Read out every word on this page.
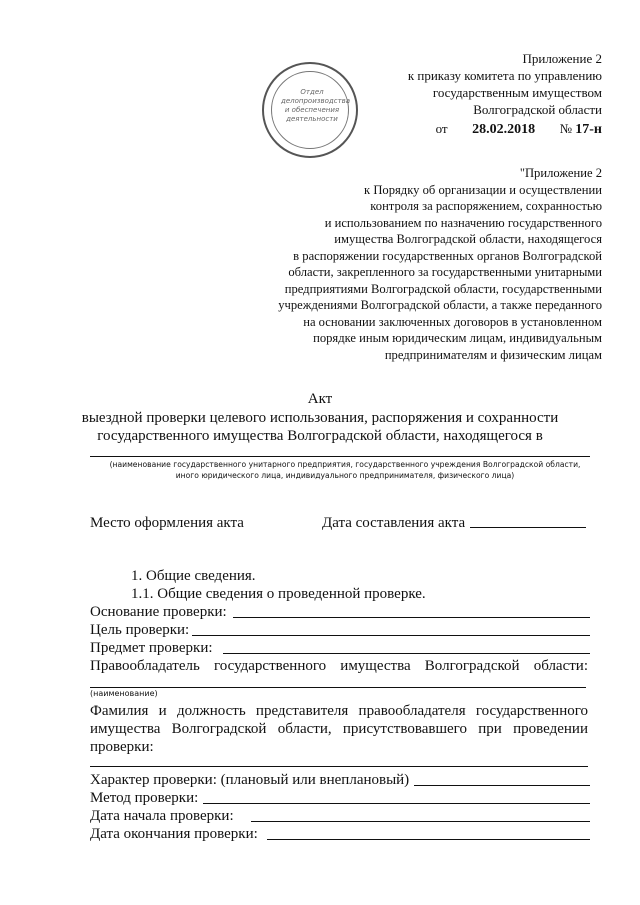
Отдел делопроизводства и обеспечения деятельности
Приложение 2
к приказу комитета по управлению
государственным имуществом
Волгоградской области
от 28.02.2018 № 17-н
"Приложение 2
к Порядку об организации и осуществлении
контроля за распоряжением, сохранностью
и использованием по назначению государственного
имущества Волгоградской области, находящегося
в распоряжении государственных органов Волгоградской
области, закрепленного за государственными унитарными
предприятиями Волгоградской области, государственными
учреждениями Волгоградской области, а также переданного
на основании заключенных договоров в установленном
порядке иным юридическим лицам, индивидуальным
предпринимателям и физическим лицам
Акт
выездной проверки целевого использования, распоряжения и сохранности
государственного имущества Волгоградской области, находящегося в
(наименование государственного унитарного предприятия, государственного учреждения Волгоградской области,
иного юридического лица, индивидуального предпринимателя, физического лица)
Место оформления акта	Дата составления акта
1. Общие сведения.
1.1. Общие сведения о проведенной проверке.
Основание проверки:
Цель проверки:
Предмет проверки:
Правообладатель государственного имущества Волгоградской области:
(наименование)
Фамилия и должность представителя правообладателя государственного имущества Волгоградской области, присутствовавшего при проведении проверки:
Характер проверки: (плановый или внеплановый)
Метод проверки:
Дата начала проверки:
Дата окончания проверки:
